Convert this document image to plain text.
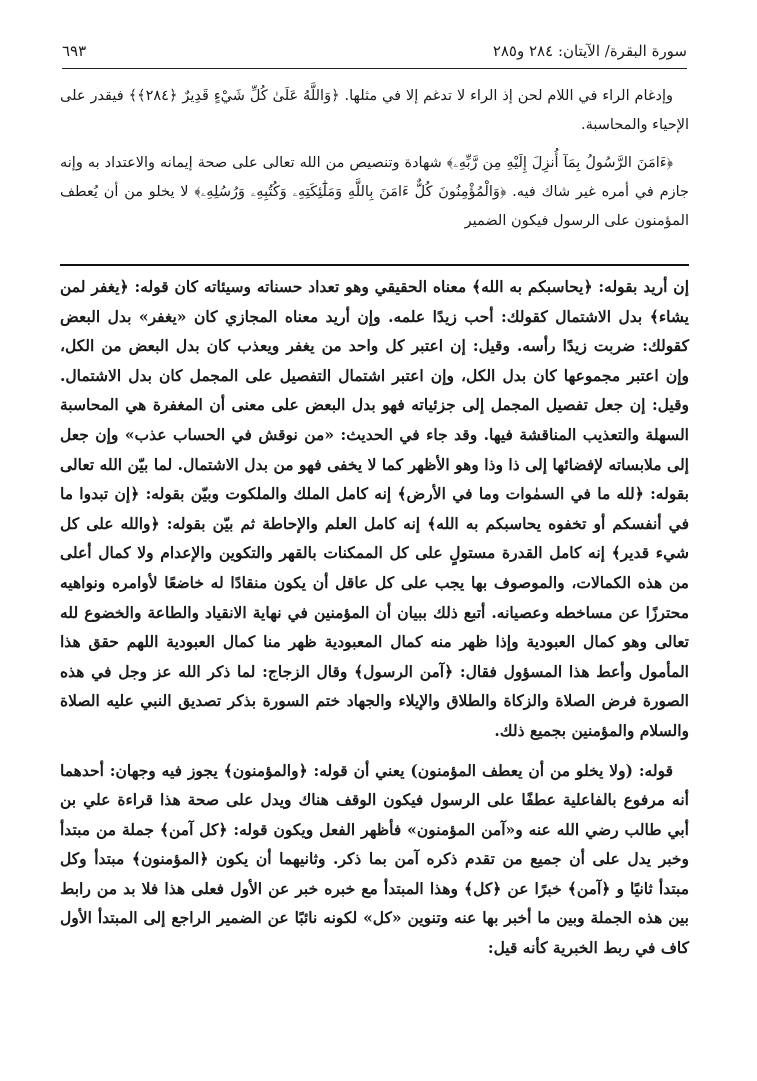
سورة البقرة/ الآيتان: ٢٨٤ و٢٨٥
٦٩٣

وإدغام الراء في اللام لحن إذ الراء لا تدغم إلا في مثلها. ﴿وَاللَّهُ عَلَىٰ كُلِّ شَيْءٍ قَدِيرٌ ﴿٢٨٤﴾﴾ فيقدر على الإحياء والمحاسبة.

﴿ءَامَنَ الرَّسُولُ بِمَآ أُنزِلَ إِلَيْهِ مِن رَّبِّهِۦ﴾ شهادة وتنصيص من الله تعالى على صحة إيمانه والاعتداد به وإنه جازم في أمره غير شاك فيه. ﴿وَالْمُؤْمِنُونَ كُلٌّ ءَامَنَ بِاللَّهِ وَمَلَٰٓئِكَتِهِۦ وَكُتُبِهِۦ وَرُسُلِهِۦ﴾ لا يخلو من أن يُعطف المؤمنون على الرسول فيكون الضمير

إن أريد بقوله: ﴿يحاسبكم به الله﴾ معناه الحقيقي وهو تعداد حسناته وسيئاته كان قوله: ﴿يغفر لمن يشاء﴾ بدل الاشتمال كقولك: أحب زيدًا علمه. وإن أريد معناه المجازي كان «يغفر» بدل البعض كقولك: ضربت زيدًا رأسه. وقيل: إن اعتبر كل واحد من يغفر ويعذب كان بدل البعض من الكل، وإن اعتبر مجموعها كان بدل الكل، وإن اعتبر اشتمال التفصيل على المجمل كان بدل الاشتمال. وقيل: إن جعل تفصيل المجمل إلى جزئياته فهو بدل البعض على معنى أن المغفرة هي المحاسبة السهلة والتعذيب المناقشة فيها. وقد جاء في الحديث: «من نوقش في الحساب عذب» وإن جعل إلى ملابساته لإفضائها إلى ذا وذا وهو الأظهر كما لا يخفى فهو من بدل الاشتمال. لما بيّن الله تعالى بقوله: ﴿لله ما في السمٰوات وما في الأرض﴾ إنه كامل الملك والملكوت وبيّن بقوله: ﴿إن تبدوا ما في أنفسكم أو تخفوه يحاسبكم به الله﴾ إنه كامل العلم والإحاطة ثم بيّن بقوله: ﴿والله على كل شيء قدير﴾ إنه كامل القدرة مستولٍ على كل الممكنات بالقهر والتكوين والإعدام ولا كمال أعلى من هذه الكمالات، والموصوف بها يجب على كل عاقل أن يكون منقادًا له خاضعًا لأوامره ونواهيه محترزًا عن مساخطه وعصيانه. أتبع ذلك ببيان أن المؤمنين في نهاية الانقياد والطاعة والخضوع لله تعالى وهو كمال العبودية وإذا ظهر منه كمال المعبودية ظهر منا كمال العبودية اللهم حقق هذا المأمول وأعط هذا المسؤول فقال: ﴿آمن الرسول﴾ وقال الزجاج: لما ذكر الله عز وجل في هذه الصورة فرض الصلاة والزكاة والطلاق والإيلاء والجهاد ختم السورة بذكر تصديق النبي عليه الصلاة والسلام والمؤمنين بجميع ذلك.

قوله: (ولا يخلو من أن يعطف المؤمنون) يعني أن قوله: ﴿والمؤمنون﴾ يجوز فيه وجهان: أحدهما أنه مرفوع بالفاعلية عطفًا على الرسول فيكون الوقف هناك ويدل على صحة هذا قراءة علي بن أبي طالب رضي الله عنه و«آمن المؤمنون» فأظهر الفعل ويكون قوله: ﴿كل آمن﴾ جملة من مبتدأ وخبر يدل على أن جميع من تقدم ذكره آمن بما ذكر. وثانيهما أن يكون ﴿المؤمنون﴾ مبتدأ وكل مبتدأ ثانيًا و ﴿آمن﴾ خبرًا عن ﴿كل﴾ وهذا المبتدأ مع خبره خبر عن الأول فعلى هذا فلا بد من رابط بين هذه الجملة وبين ما أخبر بها عنه وتنوين «كل» لكونه نائبًا عن الضمير الراجع إلى المبتدأ الأول كاف في ربط الخبرية كأنه قيل:
